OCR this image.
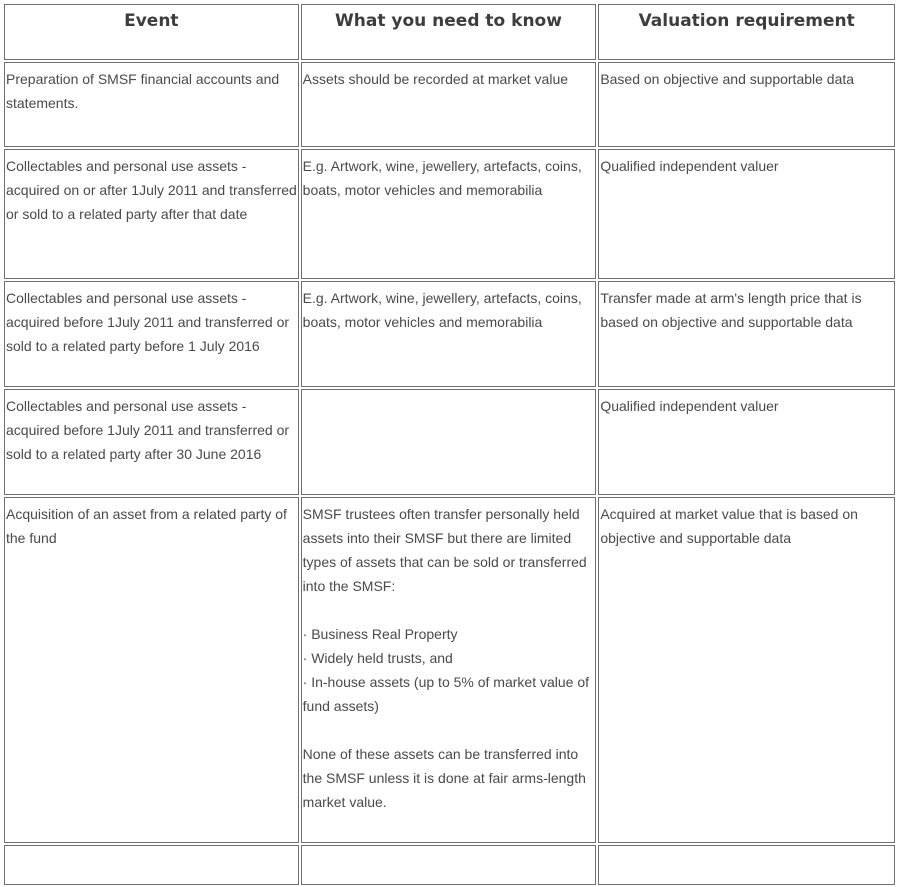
Event	What you need to know	Valuation requirement
Preparation of SMSF financial accounts and statements.	Assets should be recorded at market value	Based on objective and supportable data
Collectables and personal use assets - acquired on or after 1July 2011 and transferred or sold to a related party after that date	E.g. Artwork, wine, jewellery, artefacts, coins, boats, motor vehicles and memorabilia	Qualified independent valuer
Collectables and personal use assets - acquired before 1July 2011 and transferred or sold to a related party before 1 July 2016	E.g. Artwork, wine, jewellery, artefacts, coins, boats, motor vehicles and memorabilia	Transfer made at arm's length price that is based on objective and supportable data
Collectables and personal use assets - acquired before 1July 2011 and transferred or sold to a related party after 30 June 2016		Qualified independent valuer
Acquisition of an asset from a related party of the fund	SMSF trustees often transfer personally held assets into their SMSF but there are limited types of assets that can be sold or transferred into the SMSF:
· Business Real Property
· Widely held trusts, and
· In-house assets (up to 5% of market value of fund assets)
None of these assets can be transferred into the SMSF unless it is done at fair arms-length market value.	Acquired at market value that is based on objective and supportable data
